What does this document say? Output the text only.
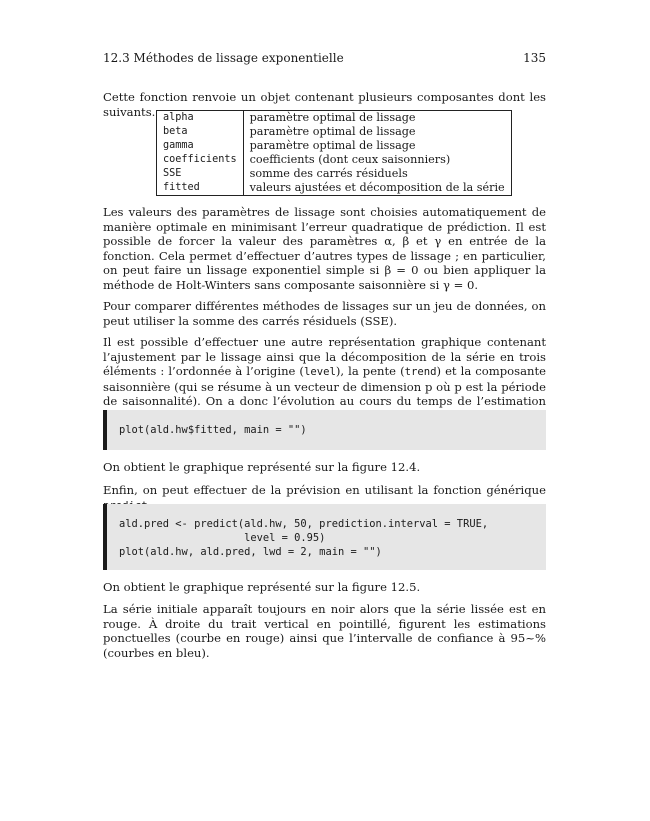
12.3 Méthodes de lissage exponentielle	135

Cette fonction renvoie un objet contenant plusieurs composantes dont les suivants. alpha	paramètre optimal de lissage
beta	paramètre optimal de lissage
gamma	paramètre optimal de lissage
coefficients	coefficients (dont ceux saisonniers)
SSE	somme des carrés résiduels
fitted	valeurs ajustées et décomposition de la série

Les valeurs des paramètres de lissage sont choisies automatiquement de manière optimale en minimisant l’erreur quadratique de prédiction. Il est possible de forcer la valeur des paramètres α, β et γ en entrée de la fonction. Cela permet d’effectuer d’autres types de lissage ; en particulier, on peut faire un lissage exponentiel simple si β = 0 ou bien appliquer la méthode de Holt-Winters sans composante saisonnière si γ = 0.

Pour comparer différentes méthodes de lissages sur un jeu de données, on peut utiliser la somme des carrés résiduels (SSE).

Il est possible d’effectuer une autre représentation graphique contenant l’ajustement par le lissage ainsi que la décomposition de la série en trois éléments : l’ordonnée à l’origine (level), la pente (trend) et la composante saisonnière (qui se résume à un vecteur de dimension p où p est la période de saisonnalité). On a donc l’évolution au cours du temps de l’estimation

plot(ald.hw$fitted, main = "")

On obtient le graphique représenté sur la figure 12.4.

Enfin, on peut effectuer de la prévision en utilisant la fonction générique

ald.pred <- predict(ald.hw, 50, prediction.interval = TRUE,
level = 0.95)
plot(ald.hw, ald.pred, lwd = 2, main = "")

On obtient le graphique représenté sur la figure 12.5.

La série initiale apparaît toujours en noir alors que la série lissée est en rouge. À droite du trait vertical en pointillé, figurent les estimations ponctuelles (courbe en rouge) ainsi que l’intervalle de confiance à 95~% (courbes en bleu).
